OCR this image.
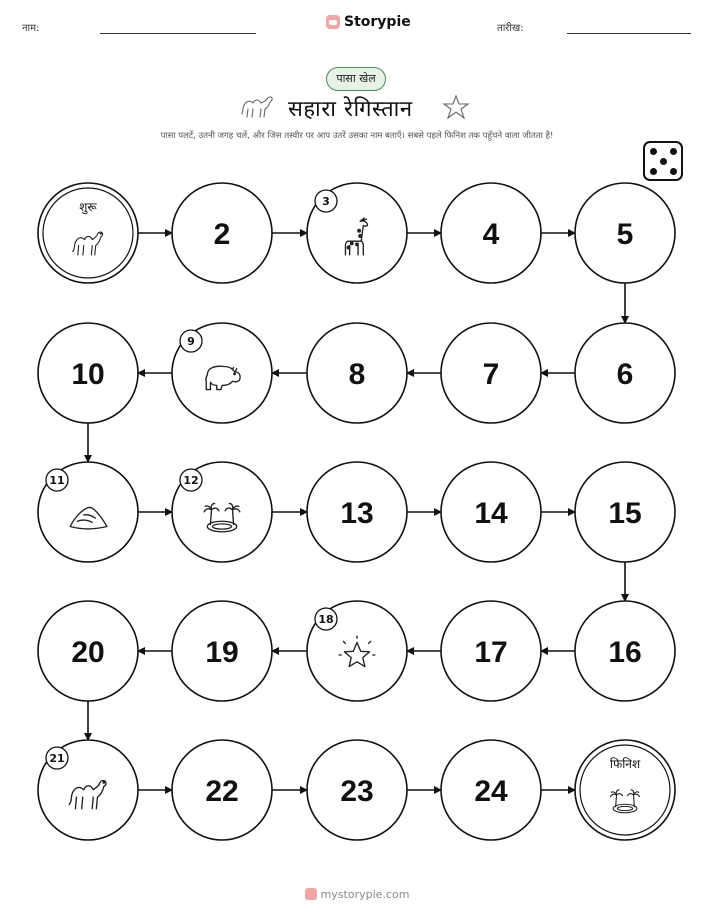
नाम:	Storypie	तारीख:
पासा खेल
सहारा रेगिस्तान
पासा पलटें, उतनी जगह चलें, और जिस तस्वीर पर आप उतरें उसका नाम बताएँ। सबसे पहले फिनिश तक पहुँचने वाला जीतता है!
शुरू
2
3
4	5
6
7
8
9
10
11	12
13	14	15
16
17
18
19
20
21
22	23	24
फिनिश
mystorypie.com
